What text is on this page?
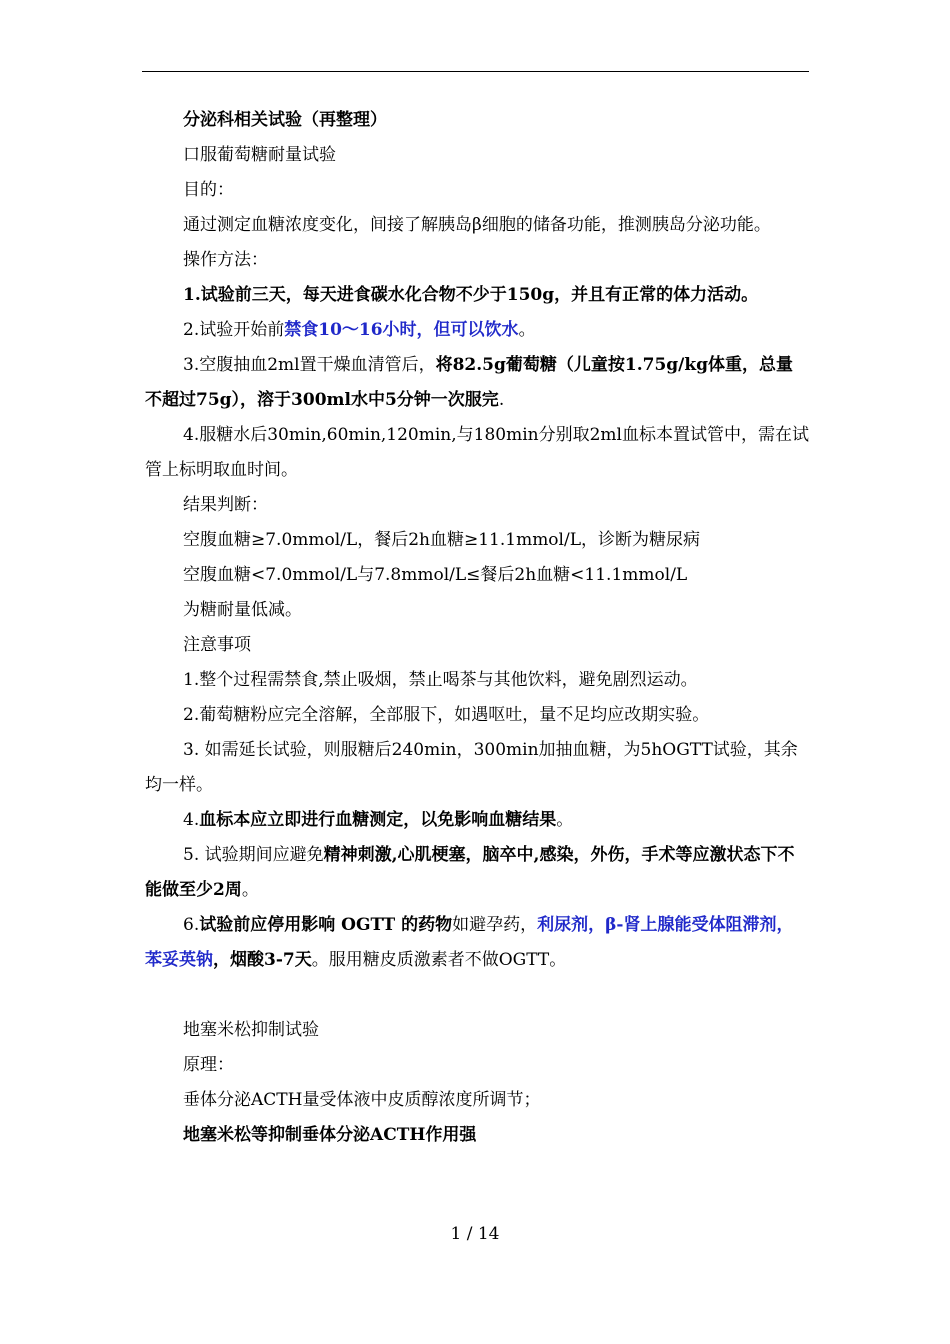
分泌科相关试验（再整理）

口服葡萄糖耐量试验

目的：

通过测定血糖浓度变化，间接了解胰岛β细胞的储备功能，推测胰岛分泌功能。

操作方法：

1.试验前三天，每天进食碳水化合物不少于150g，并且有正常的体力活动。

2.试验开始前禁食10～16小时，但可以饮水。

3.空腹抽血2ml置干燥血清管后，将82.5g葡萄糖（儿童按1.75g/kg体重，总量不超过75g），溶于300ml水中5分钟一次服完.

4.服糖水后30min,60min,120min,与180min分别取2ml血标本置试管中，需在试管上标明取血时间。

结果判断：

空腹血糖≥7.0mmol/L，餐后2h血糖≥11.1mmol/L，诊断为糖尿病

空腹血糖<7.0mmol/L与7.8mmol/L≤餐后2h血糖<11.1mmol/L

为糖耐量低减。

注意事项

1.整个过程需禁食,禁止吸烟，禁止喝茶与其他饮料，避免剧烈运动。

2.葡萄糖粉应完全溶解，全部服下，如遇呕吐，量不足均应改期实验。

3. 如需延长试验，则服糖后240min，300min加抽血糖，为5hOGTT试验，其余均一样。

4.血标本应立即进行血糖测定，以免影响血糖结果。

5. 试验期间应避免精神刺激,心肌梗塞，脑卒中,感染，外伤，手术等应激状态下不能做至少2周。

6.试验前应停用影响 OGTT 的药物如避孕药，利尿剂，β-肾上腺能受体阻滞剂，苯妥英钠，烟酸3-7天。服用糖皮质激素者不做OGTT。

地塞米松抑制试验

原理：

垂体分泌ACTH量受体液中皮质醇浓度所调节；

地塞米松等抑制垂体分泌ACTH作用强

1 / 14
